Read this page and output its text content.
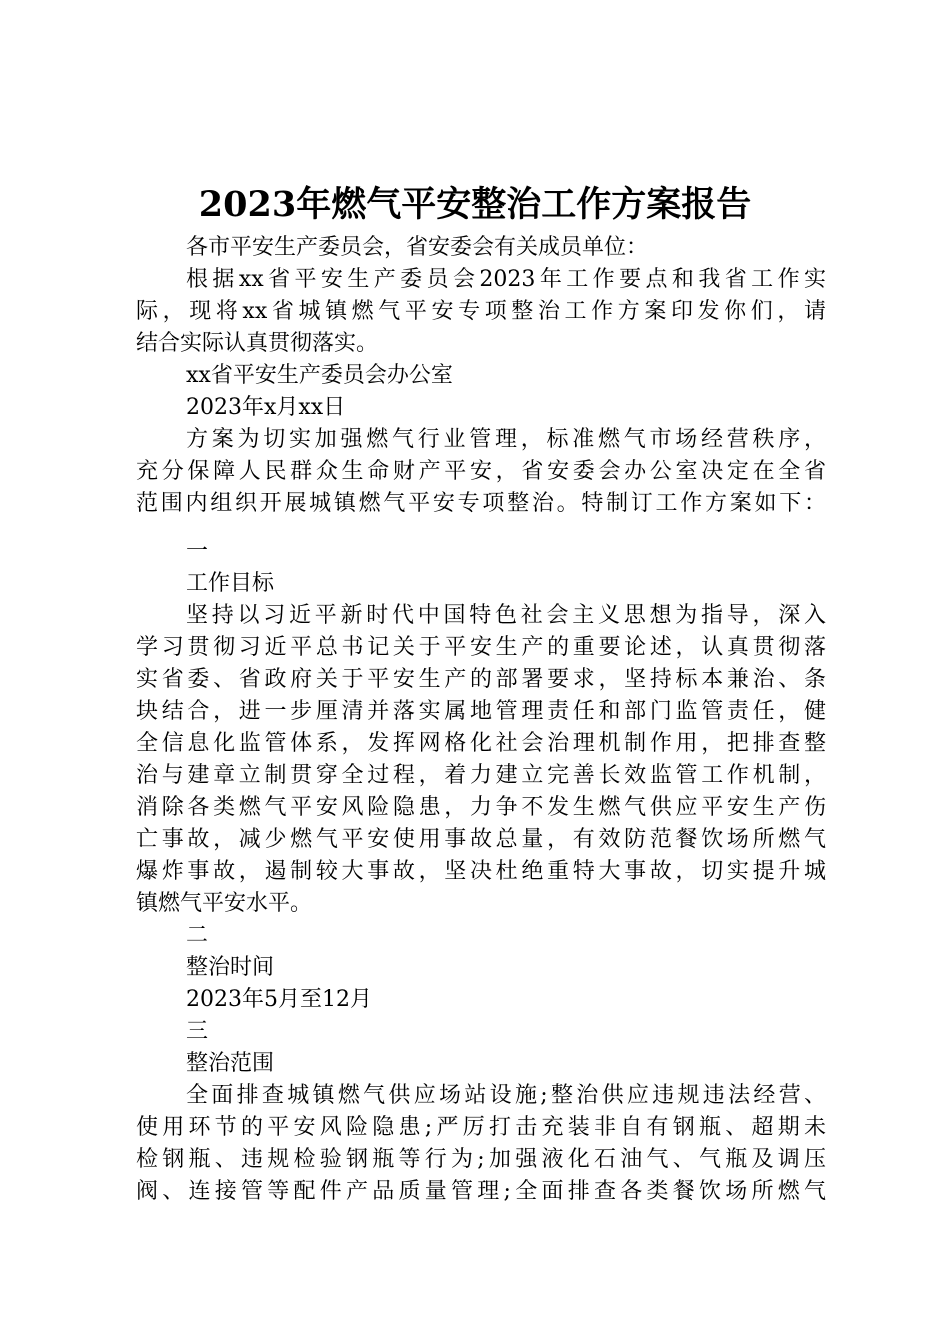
2023年燃气平安整治工作方案报告
各市平安生产委员会，省安委会有关成员单位：
根据xx省平安生产委员会2023年工作要点和我省工作实
际，现将xx省城镇燃气平安专项整治工作方案印发你们，请
结合实际认真贯彻落实。
xx省平安生产委员会办公室
2023年x月xx日
方案为切实加强燃气行业管理，标准燃气市场经营秩序，
充分保障人民群众生命财产平安，省安委会办公室决定在全省
范围内组织开展城镇燃气平安专项整治。特制订工作方案如下：
一
工作目标
坚持以习近平新时代中国特色社会主义思想为指导，深入
学习贯彻习近平总书记关于平安生产的重要论述，认真贯彻落
实省委、省政府关于平安生产的部署要求，坚持标本兼治、条
块结合，进一步厘清并落实属地管理责任和部门监管责任，健
全信息化监管体系，发挥网格化社会治理机制作用，把排查整
治与建章立制贯穿全过程，着力建立完善长效监管工作机制，
消除各类燃气平安风险隐患，力争不发生燃气供应平安生产伤
亡事故，减少燃气平安使用事故总量，有效防范餐饮场所燃气
爆炸事故，遏制较大事故，坚决杜绝重特大事故，切实提升城
镇燃气平安水平。
二
整治时间
2023年5月至12月
三
整治范围
全面排查城镇燃气供应场站设施;整治供应违规违法经营、
使用环节的平安风险隐患;严厉打击充装非自有钢瓶、超期未
检钢瓶、违规检验钢瓶等行为;加强液化石油气、气瓶及调压
阀、连接管等配件产品质量管理;全面排查各类餐饮场所燃气
